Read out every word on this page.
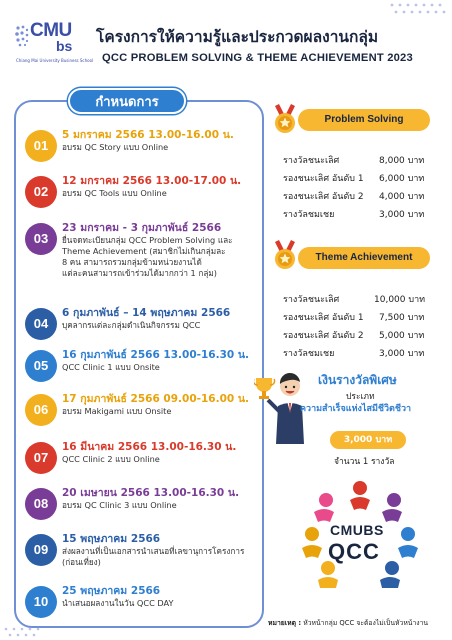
CMU
bs
Chiang Mai University Business School
โครงการให้ความรู้และประกวดผลงานกลุ่ม
QCC PROBLEM SOLVING & THEME ACHIEVEMENT 2023
กำหนดการ
01
5 มกราคม 2566 13.00-16.00 น.
อบรม QC Story แบบ Online
02
12 มกราคม 2566 13.00-17.00 น.
อบรม QC Tools แบบ Online
03
23 มกราคม - 3 กุมภาพันธ์ 2566
ยื่นจดทะเบียนกลุ่ม QCC Problem Solving และ
Theme Achievement (สมาชิกไม่เกินกลุ่มละ
8 คน สามารถรวมกลุ่มข้ามหน่วยงานได้
แต่ละคนสามารถเข้าร่วมได้มากกว่า 1 กลุ่ม)
04
6 กุมภาพันธ์ – 14 พฤษภาคม 2566
บุคลากรแต่ละกลุ่มดำเนินกิจกรรม QCC
05
16 กุมภาพันธ์ 2566 13.00-16.30 น.
QCC Clinic 1 แบบ Onsite
06
17 กุมภาพันธ์ 2566 09.00-16.00 น.
อบรม Makigami แบบ Onsite
07
16 มีนาคม 2566 13.00-16.30 น.
QCC Clinic 2 แบบ Online
08
20 เมษายน 2566 13.00-16.30 น.
อบรม QC Clinic 3 แบบ Online
09
15 พฤษภาคม 2566
ส่งผลงานที่เป็นเอกสารนำเสนอที่เลขานุการโครงการ
(ก่อนเที่ยง)
10
25 พฤษภาคม 2566
นำเสนอผลงานในวัน QCC DAY
Problem Solving
รางวัลชนะเลิศ	8,000 บาท
รองชนะเลิศ อันดับ 1 6,000 บาท
รองชนะเลิศ อันดับ 2 4,000 บาท
รางวัลชมเชย	3,000 บาท
Theme Achievement
รางวัลชนะเลิศ	10,000 บาท
รองชนะเลิศ อันดับ 1 7,500 บาท
รองชนะเลิศ อันดับ 2 5,000 บาท
รางวัลชมเชย	3,000 บาท
เงินรางวัลพิเศษ
ประเภท
ความสำเร็จแห่งไสมีชีวิตชีวา
3,000 บาท
จำนวน 1 รางวัล
CMUBS
QCC
หมายเหตุ : หัวหน้ากลุ่ม QCC จะต้องไม่เป็นหัวหน้างาน
